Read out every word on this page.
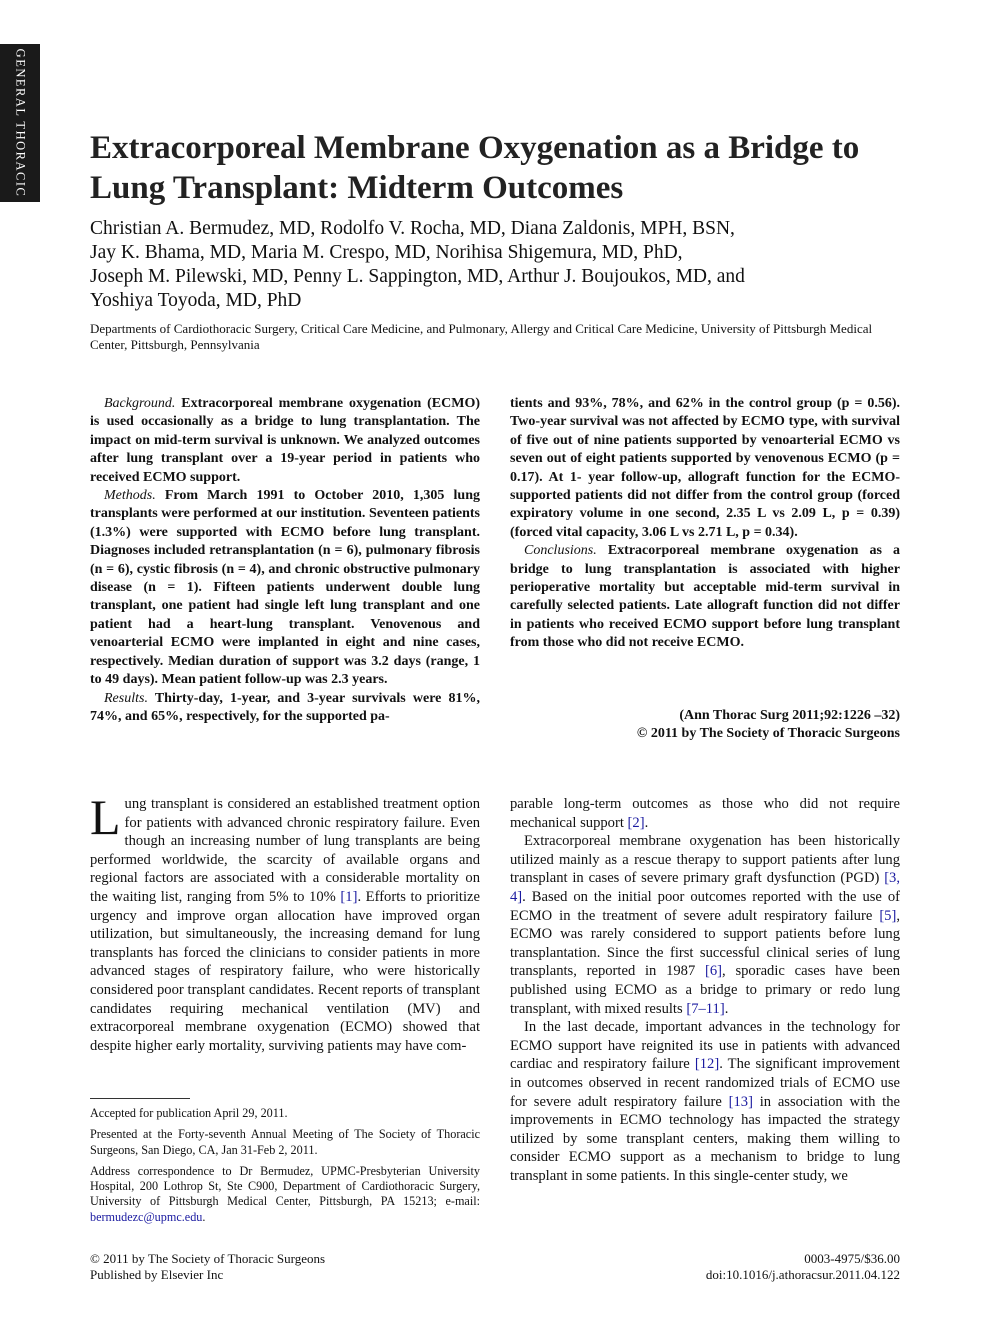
GENERAL THORACIC Extracorporeal Membrane Oxygenation as a Bridge to Lung Transplant: Midterm Outcomes
Christian A. Bermudez, MD, Rodolfo V. Rocha, MD, Diana Zaldonis, MPH, BSN,
Jay K. Bhama, MD, Maria M. Crespo, MD, Norihisa Shigemura, MD, PhD,
Joseph M. Pilewski, MD, Penny L. Sappington, MD, Arthur J. Boujoukos, MD, and
Yoshiya Toyoda, MD, PhD
Departments of Cardiothoracic Surgery, Critical Care Medicine, and Pulmonary, Allergy and Critical Care Medicine, University of Pittsburgh Medical Center, Pittsburgh, Pennsylvania

Background. Extracorporeal membrane oxygenation (ECMO) is used occasionally as a bridge to lung transplantation. The impact on mid-term survival is unknown. We analyzed outcomes after lung transplant over a 19-year period in patients who received ECMO support.

Methods. From March 1991 to October 2010, 1,305 lung transplants were performed at our institution. Seventeen patients (1.3%) were supported with ECMO before lung transplant. Diagnoses included retransplantation (n = 6), pulmonary fibrosis (n = 6), cystic fibrosis (n = 4), and chronic obstructive pulmonary disease (n = 1). Fifteen patients underwent double lung transplant, one patient had single left lung transplant and one patient had a heart-lung transplant. Venovenous and venoarterial ECMO were implanted in eight and nine cases, respectively. Median duration of support was 3.2 days (range, 1 to 49 days). Mean patient follow-up was 2.3 years.

Results. Thirty-day, 1-year, and 3-year survivals were 81%, 74%, and 65%, respectively, for the supported pa-

tients and 93%, 78%, and 62% in the control group (p = 0.56). Two-year survival was not affected by ECMO type, with survival of five out of nine patients supported by venoarterial ECMO vs seven out of eight patients supported by venovenous ECMO (p = 0.17). At 1- year follow-up, allograft function for the ECMO-supported patients did not differ from the control group (forced expiratory volume in one second, 2.35 L vs 2.09 L, p = 0.39) (forced vital capacity, 3.06 L vs 2.71 L, p = 0.34).

Conclusions. Extracorporeal membrane oxygenation as a bridge to lung transplantation is associated with higher perioperative mortality but acceptable mid-term survival in carefully selected patients. Late allograft function did not differ in patients who received ECMO support before lung transplant from those who did not receive ECMO.

(Ann Thorac Surg 2011;92:1226 –32)
© 2011 by The Society of Thoracic Surgeons

Lung transplant is considered an established treatment option for patients with advanced chronic respiratory failure. Even though an increasing number of lung transplants are being performed worldwide, the scarcity of available organs and regional factors are associated with a considerable mortality on the waiting list, ranging from 5% to 10% [1]. Efforts to prioritize urgency and improve organ allocation have improved organ utilization, but simultaneously, the increasing demand for lung transplants has forced the clinicians to consider patients in more advanced stages of respiratory failure, who were historically considered poor transplant candidates. Recent reports of transplant candidates requiring mechanical ventilation (MV) and extracorporeal membrane oxygenation (ECMO) showed that despite higher early mortality, surviving patients may have com-

parable long-term outcomes as those who did not require mechanical support [2].

Extracorporeal membrane oxygenation has been historically utilized mainly as a rescue therapy to support patients after lung transplant in cases of severe primary graft dysfunction (PGD) [3, 4]. Based on the initial poor outcomes reported with the use of ECMO in the treatment of severe adult respiratory failure [5], ECMO was rarely considered to support patients before lung transplantation. Since the first successful clinical series of lung transplants, reported in 1987 [6], sporadic cases have been published using ECMO as a bridge to primary or redo lung transplant, with mixed results [7–11].

In the last decade, important advances in the technology for ECMO support have reignited its use in patients with advanced cardiac and respiratory failure [12]. The significant improvement in outcomes observed in recent randomized trials of ECMO use for severe adult respiratory failure [13] in association with the improvements in ECMO technology has impacted the strategy utilized by some transplant centers, making them willing to consider ECMO support as a mechanism to bridge to lung transplant in some patients. In this single-center study, we

Accepted for publication April 29, 2011.

Presented at the Forty-seventh Annual Meeting of The Society of Thoracic Surgeons, San Diego, CA, Jan 31-Feb 2, 2011.

Address correspondence to Dr Bermudez, UPMC-Presbyterian University Hospital, 200 Lothrop St, Ste C900, Department of Cardiothoracic Surgery, University of Pittsburgh Medical Center, Pittsburgh, PA 15213; e-mail: bermudezc@upmc.edu.

© 2011 by The Society of Thoracic Surgeons
Published by Elsevier Inc
0003-4975/$36.00
doi:10.1016/j.athoracsur.2011.04.122
